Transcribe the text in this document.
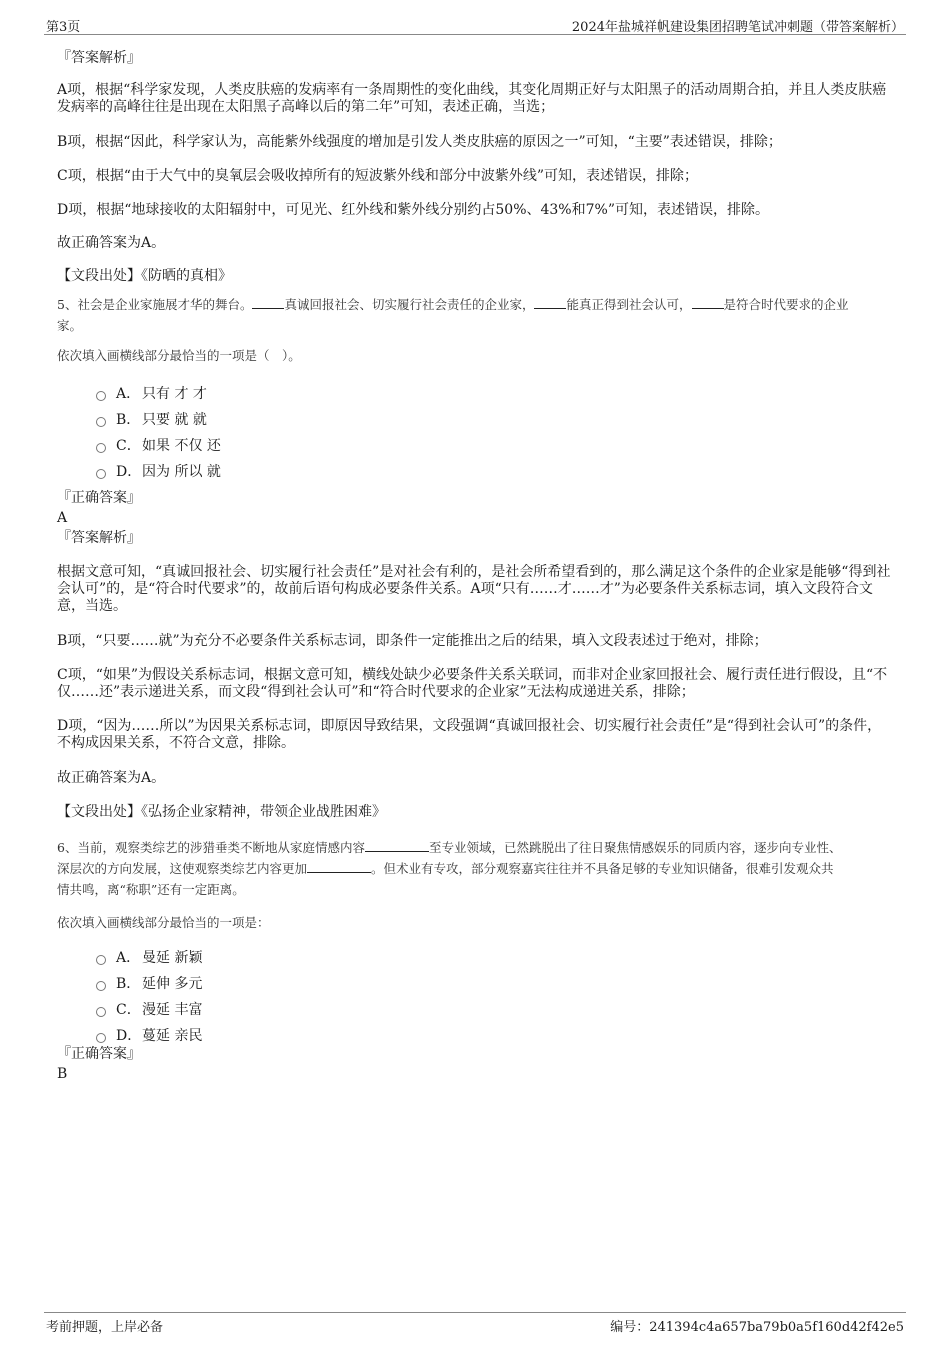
第3页	2024年盐城祥帆建设集团招聘笔试冲刺题（带答案解析）
『答案解析』
A项，根据“科学家发现，人类皮肤癌的发病率有一条周期性的变化曲线，其变化周期正好与太阳黑子的活动周期合拍，并且人类皮肤癌发病率的高峰往往是出现在太阳黑子高峰以后的第二年”可知，表述正确，当选；
B项，根据“因此，科学家认为，高能紫外线强度的增加是引发人类皮肤癌的原因之一”可知，“主要”表述错误，排除；
C项，根据“由于大气中的臭氧层会吸收掉所有的短波紫外线和部分中波紫外线”可知，表述错误，排除；
D项，根据“地球接收的太阳辐射中，可见光、红外线和紫外线分别约占50%、43%和7%”可知，表述错误，排除。
故正确答案为A。
【文段出处】《防晒的真相》
5、社会是企业家施展才华的舞台。	真诚回报社会、切实履行社会责任的企业家，	能真正得到社会认可，	是符合时代要求的企业
家。
依次填入画横线部分最恰当的一项是（　）。
A． 只有 才 才
B． 只要 就 就
C． 如果 不仅 还
D． 因为 所以 就
『正确答案』
A
『答案解析』
根据文意可知，“真诚回报社会、切实履行社会责任”是对社会有利的，是社会所希望看到的，那么满足这个条件的企业家是能够“得到社会认可”的，是“符合时代要求”的，故前后语句构成必要条件关系。A项“只有……才……才”为必要条件关系标志词，填入文段符合文意，当选。
B项，“只要……就”为充分不必要条件关系标志词，即条件一定能推出之后的结果，填入文段表述过于绝对，排除；
C项，“如果”为假设关系标志词，根据文意可知，横线处缺少必要条件关系关联词，而非对企业家回报社会、履行责任进行假设，且“不仅……还”表示递进关系，而文段“得到社会认可”和“符合时代要求的企业家”无法构成递进关系，排除；
D项，“因为……所以”为因果关系标志词，即原因导致结果，文段强调“真诚回报社会、切实履行社会责任”是“得到社会认可”的条件，不构成因果关系，不符合文意，排除。
故正确答案为A。
【文段出处】《弘扬企业家精神，带领企业战胜困难》
6、当前，观察类综艺的涉猎垂类不断地从家庭情感内容	至专业领域，已然跳脱出了往日聚焦情感娱乐的同质内容，逐步向专业性、
深层次的方向发展，这使观察类综艺内容更加	。但术业有专攻，部分观察嘉宾往往并不具备足够的专业知识储备，很难引发观众共
情共鸣，离“称职”还有一定距离。
依次填入画横线部分最恰当的一项是：
A． 曼延 新颖
B． 延伸 多元
C． 漫延 丰富
D． 蔓延 亲民
『正确答案』
B
考前押题，上岸必备	编号：241394c4a657ba79b0a5f160d42f42e5
